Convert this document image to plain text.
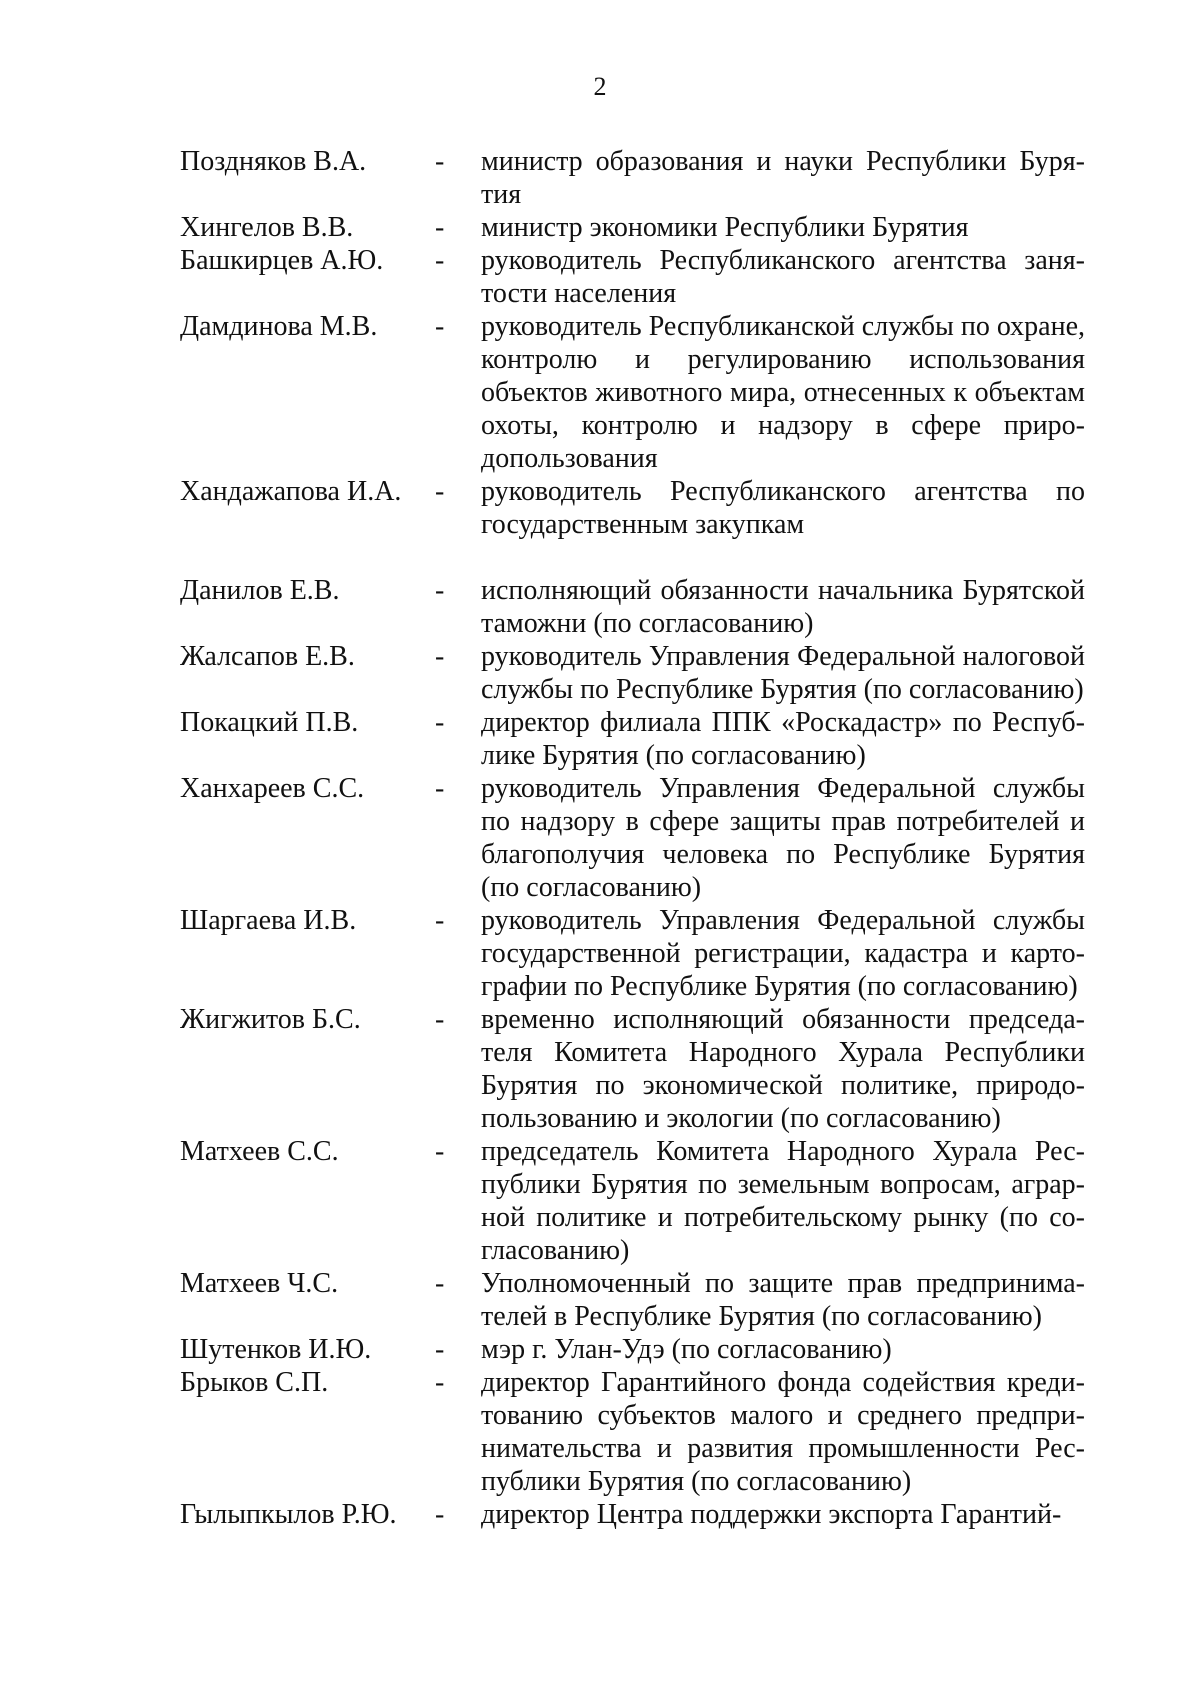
2
Поздняков В.А.	-	министр образования и науки Республики Бурятия
Хингелов В.В.	-	министр экономики Республики Бурятия
Башкирцев А.Ю.	-	руководитель Республиканского агентства занятости населения
Дамдинова М.В.	-	руководитель Республиканской службы по охране, контролю и регулированию использования объектов животного мира, отнесенных к объектам охоты, контролю и надзору в сфере природопользования
Хандажапова И.А.	-	руководитель Республиканского агентства по государственным закупкам
Данилов Е.В.	-	исполняющий обязанности начальника Бурятской таможни (по согласованию)
Жалсапов Е.В.	-	руководитель Управления Федеральной налоговой службы по Республике Бурятия (по согласованию)
Покацкий П.В.	-	директор филиала ППК «Роскадастр» по Республике Бурятия (по согласованию)
Ханхареев С.С.	-	руководитель Управления Федеральной службы по надзору в сфере защиты прав потребителей и благополучия человека по Республике Бурятия (по согласованию)
Шаргаева И.В.	-	руководитель Управления Федеральной службы государственной регистрации, кадастра и картографии по Республике Бурятия (по согласованию)
Жигжитов Б.С.	-	временно исполняющий обязанности председателя Комитета Народного Хурала Республики Бурятия по экономической политике, природопользованию и экологии (по согласованию)
Матхеев С.С.	-	председатель Комитета Народного Хурала Республики Бурятия по земельным вопросам, аграрной политике и потребительскому рынку (по согласованию)
Матхеев Ч.С.	-	Уполномоченный по защите прав предпринимателей в Республике Бурятия (по согласованию)
Шутенков И.Ю.	-	мэр г. Улан-Удэ (по согласованию)
Брыков С.П.	-	директор Гарантийного фонда содействия кредитованию субъектов малого и среднего предпринимательства и развития промышленности Республики Бурятия (по согласованию)
Гылыпкылов Р.Ю.	-	директор Центра поддержки экспорта Гарантий-
